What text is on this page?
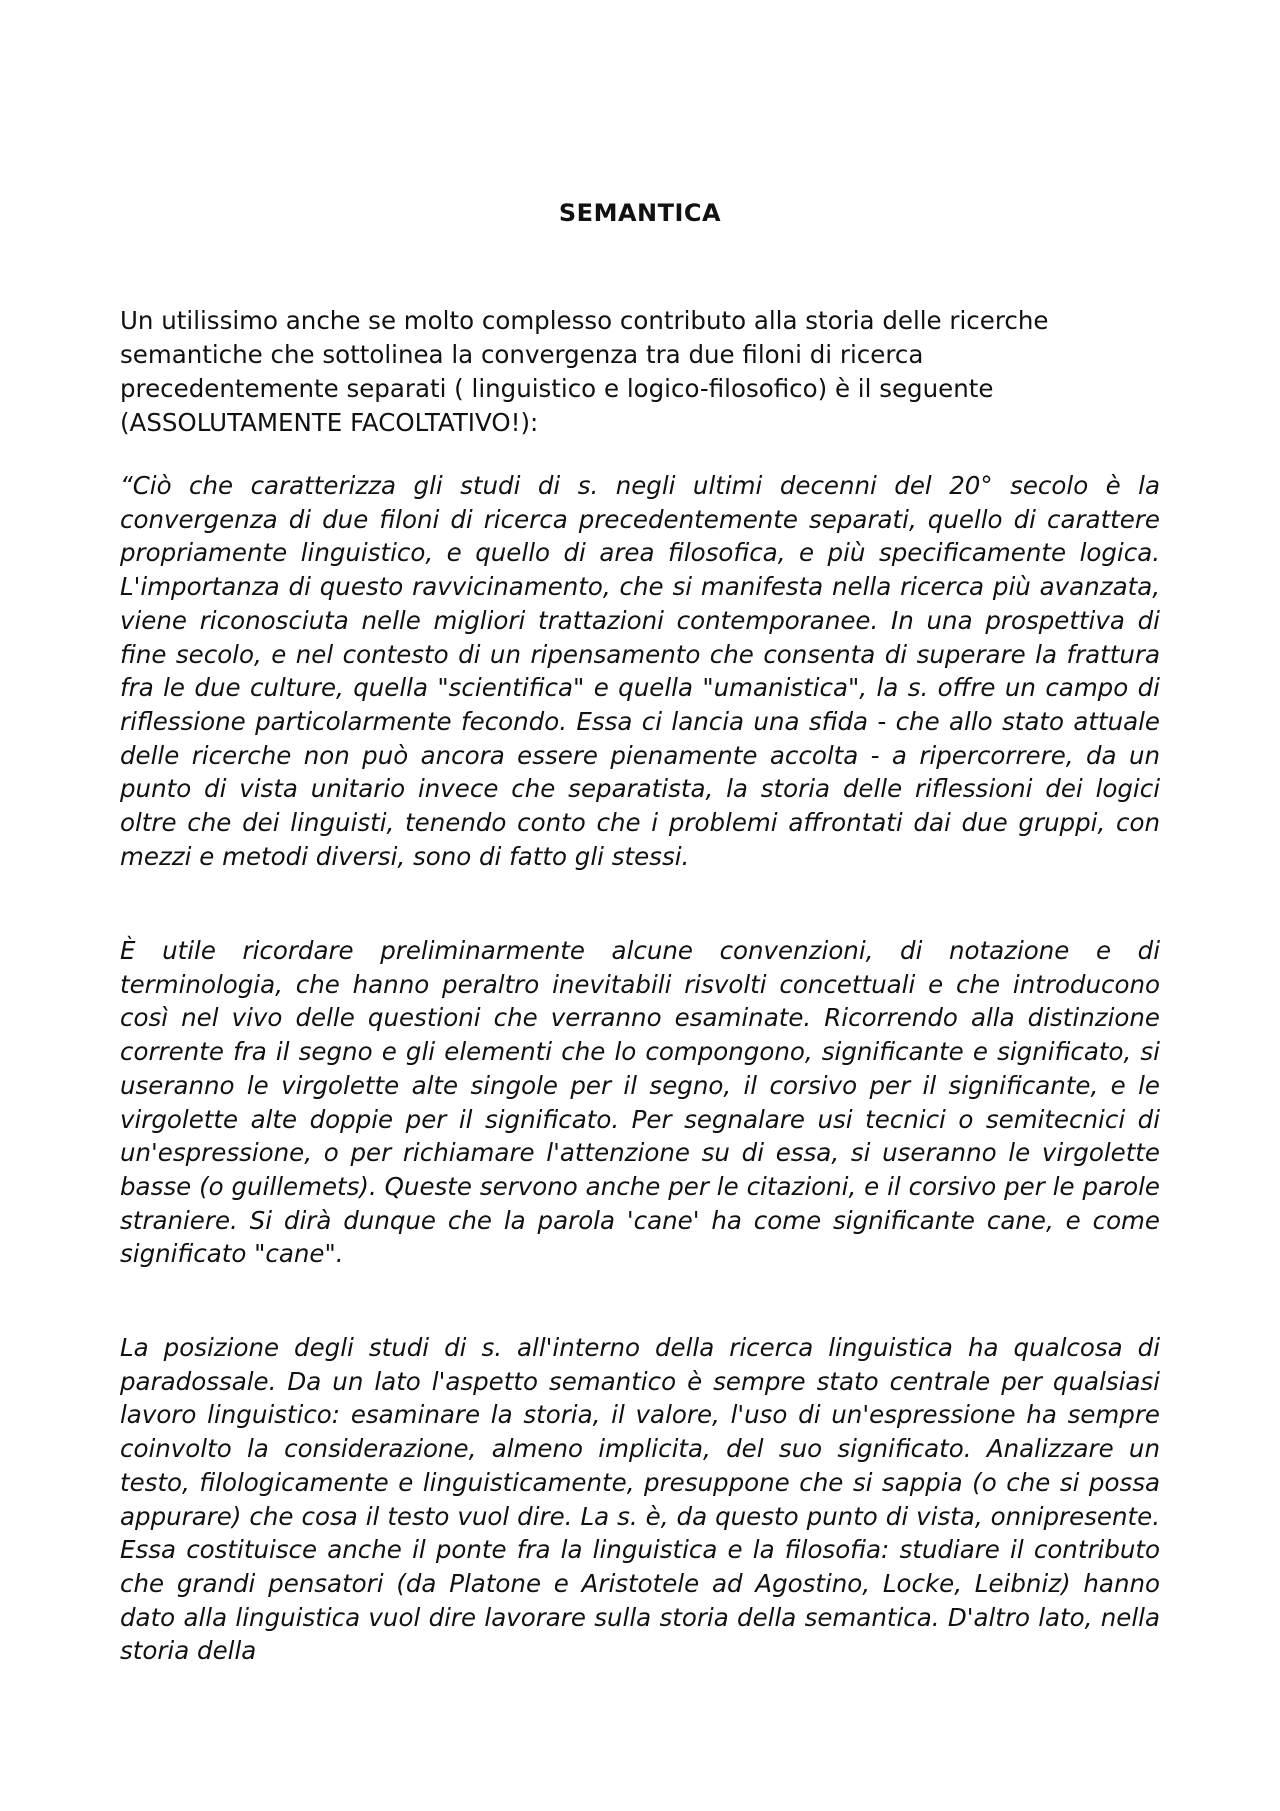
SEMANTICA

Un utilissimo anche se molto complesso contributo alla storia delle ricerche
semantiche che sottolinea la convergenza tra due filoni di ricerca
precedentemente separati ( linguistico e logico-filosofico) è il seguente
(ASSOLUTAMENTE FACOLTATIVO!):

“Ciò che caratterizza gli studi di s. negli ultimi decenni del 20° secolo è la convergenza di due filoni di ricerca precedentemente separati, quello di carattere propriamente linguistico, e quello di area filosofica, e più specificamente logica. L'importanza di questo ravvicinamento, che si manifesta nella ricerca più avanzata, viene riconosciuta nelle migliori trattazioni contemporanee. In una prospettiva di fine secolo, e nel contesto di un ripensamento che consenta di superare la frattura fra le due culture, quella "scientifica" e quella "umanistica", la s. offre un campo di riflessione particolarmente fecondo. Essa ci lancia una sfida - che allo stato attuale delle ricerche non può ancora essere pienamente accolta - a ripercorrere, da un punto di vista unitario invece che separatista, la storia delle riflessioni dei logici oltre che dei linguisti, tenendo conto che i problemi affrontati dai due gruppi, con mezzi e metodi diversi, sono di fatto gli stessi.

È utile ricordare preliminarmente alcune convenzioni, di notazione e di terminologia, che hanno peraltro inevitabili risvolti concettuali e che introducono così nel vivo delle questioni che verranno esaminate. Ricorrendo alla distinzione corrente fra il segno e gli elementi che lo compongono, significante e significato, si useranno le virgolette alte singole per il segno, il corsivo per il significante, e le virgolette alte doppie per il significato. Per segnalare usi tecnici o semitecnici di un'espressione, o per richiamare l'attenzione su di essa, si useranno le virgolette basse (o guillemets). Queste servono anche per le citazioni, e il corsivo per le parole straniere. Si dirà dunque che la parola 'cane' ha come significante cane, e come significato "cane".

La posizione degli studi di s. all'interno della ricerca linguistica ha qualcosa di paradossale. Da un lato l'aspetto semantico è sempre stato centrale per qualsiasi lavoro linguistico: esaminare la storia, il valore, l'uso di un'espressione ha sempre coinvolto la considerazione, almeno implicita, del suo significato. Analizzare un testo, filologicamente e linguisticamente, presuppone che si sappia (o che si possa appurare) che cosa il testo vuol dire. La s. è, da questo punto di vista, onnipresente. Essa costituisce anche il ponte fra la linguistica e la filosofia: studiare il contributo che grandi pensatori (da Platone e Aristotele ad Agostino, Locke, Leibniz) hanno dato alla linguistica vuol dire lavorare sulla storia della semantica. D'altro lato, nella storia della
